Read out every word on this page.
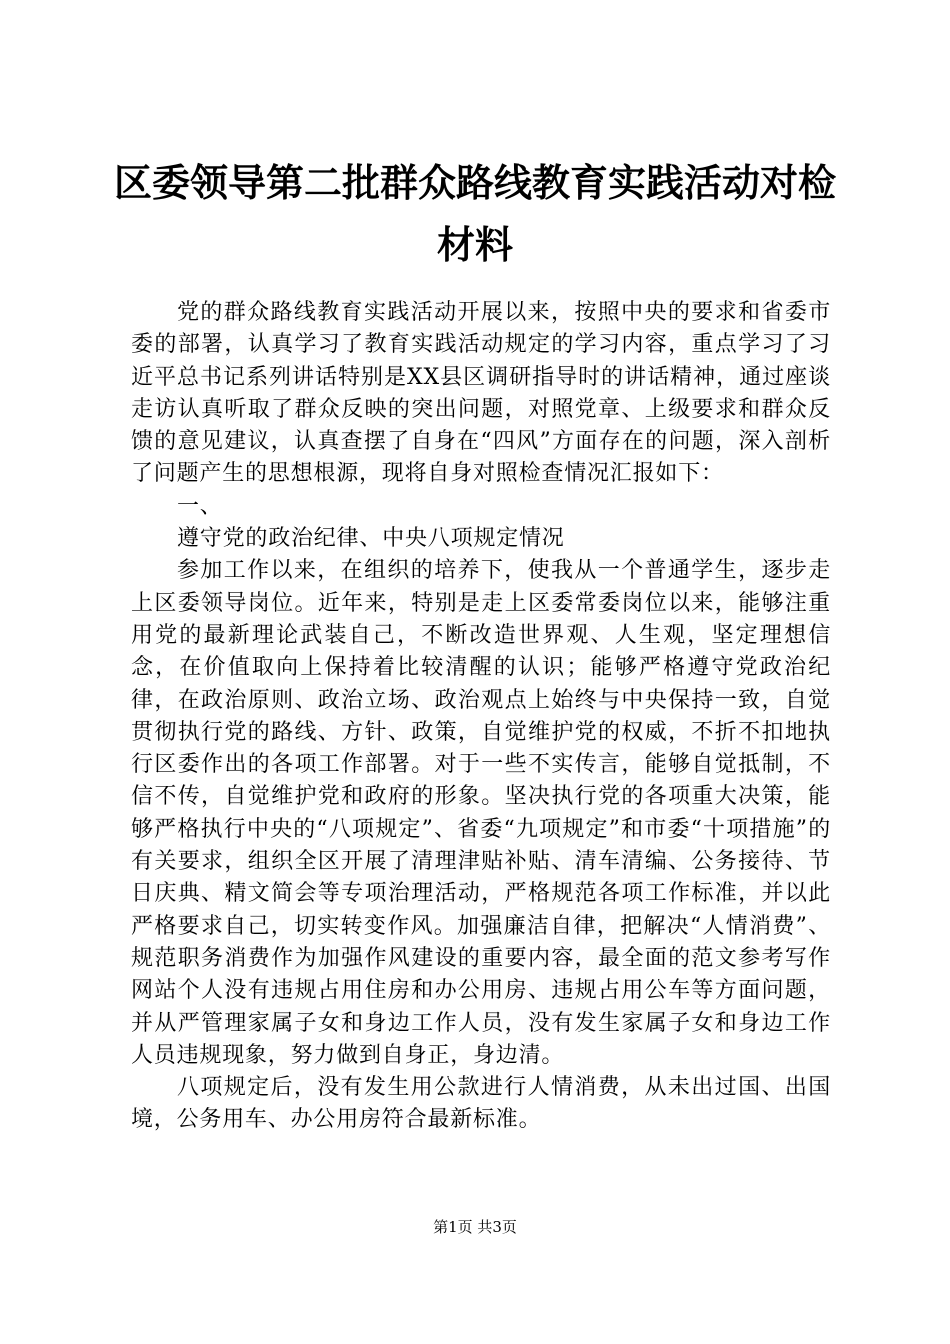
区委领导第二批群众路线教育实践活动对检材料

党的群众路线教育实践活动开展以来，按照中央的要求和省委市委的部署，认真学习了教育实践活动规定的学习内容，重点学习了习近平总书记系列讲话特别是XX县区调研指导时的讲话精神，通过座谈走访认真听取了群众反映的突出问题，对照党章、上级要求和群众反馈的意见建议，认真查摆了自身在“四风”方面存在的问题，深入剖析了问题产生的思想根源，现将自身对照检查情况汇报如下：

一、

遵守党的政治纪律、中央八项规定情况

参加工作以来，在组织的培养下，使我从一个普通学生，逐步走上区委领导岗位。近年来，特别是走上区委常委岗位以来，能够注重用党的最新理论武装自己，不断改造世界观、人生观，坚定理想信念，在价值取向上保持着比较清醒的认识；能够严格遵守党政治纪律，在政治原则、政治立场、政治观点上始终与中央保持一致，自觉贯彻执行党的路线、方针、政策，自觉维护党的权威，不折不扣地执行区委作出的各项工作部署。对于一些不实传言，能够自觉抵制，不信不传，自觉维护党和政府的形象。坚决执行党的各项重大决策，能够严格执行中央的“八项规定”、省委“九项规定”和市委“十项措施”的有关要求，组织全区开展了清理津贴补贴、清车清编、公务接待、节日庆典、精文简会等专项治理活动，严格规范各项工作标准，并以此严格要求自己，切实转变作风。加强廉洁自律，把解决“人情消费”、规范职务消费作为加强作风建设的重要内容，最全面的范文参考写作网站个人没有违规占用住房和办公用房、违规占用公车等方面问题，并从严管理家属子女和身边工作人员，没有发生家属子女和身边工作人员违规现象，努力做到自身正，身边清。

八项规定后，没有发生用公款进行人情消费，从未出过国、出国境，公务用车、办公用房符合最新标准。

第1页 共3页
